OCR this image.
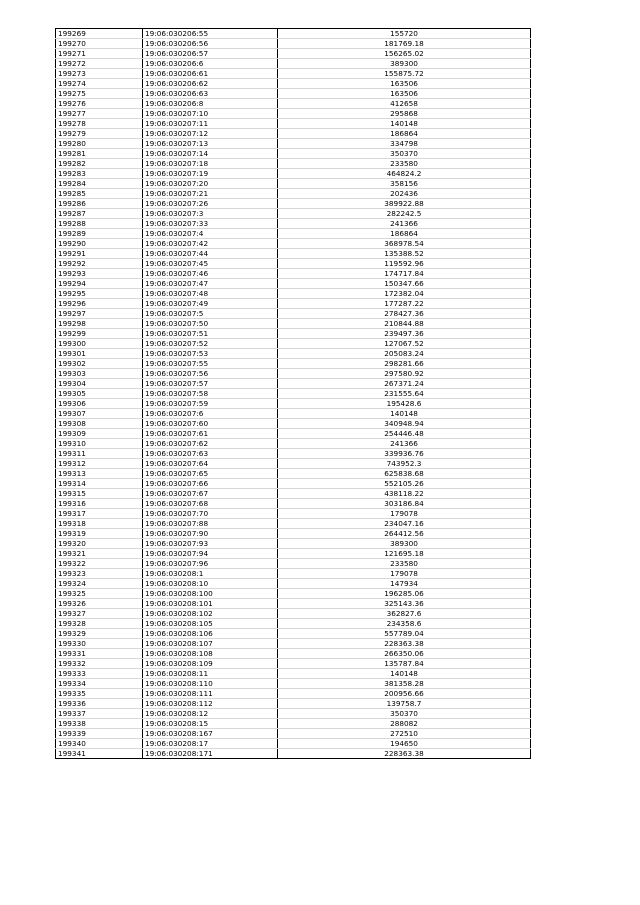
199269	19:06:030206:55	155720
199270	19:06:030206:56	181769.18
199271	19:06:030206:57	156265.02
199272	19:06:030206:6	389300
199273	19:06:030206:61	155875.72
199274	19:06:030206:62	163506
199275	19:06:030206:63	163506
199276	19:06:030206:8	412658
199277	19:06:030207:10	295868
199278	19:06:030207:11	140148
199279	19:06:030207:12	186864
199280	19:06:030207:13	334798
199281	19:06:030207:14	350370
199282	19:06:030207:18	233580
199283	19:06:030207:19	464824.2
199284	19:06:030207:20	358156
199285	19:06:030207:21	202436
199286	19:06:030207:26	389922.88
199287	19:06:030207:3	282242.5
199288	19:06:030207:33	241366
199289	19:06:030207:4	186864
199290	19:06:030207:42	368978.54
199291	19:06:030207:44	135388.52
199292	19:06:030207:45	119592.96
199293	19:06:030207:46	174717.84
199294	19:06:030207:47	150347.66
199295	19:06:030207:48	172382.04
199296	19:06:030207:49	177287.22
199297	19:06:030207:5	278427.36
199298	19:06:030207:50	210844.88
199299	19:06:030207:51	239497.36
199300	19:06:030207:52	127067.52
199301	19:06:030207:53	205083.24
199302	19:06:030207:55	298281.66
199303	19:06:030207:56	297580.92
199304	19:06:030207:57	267371.24
199305	19:06:030207:58	231555.64
199306	19:06:030207:59	195428.6
199307	19:06:030207:6	140148
199308	19:06:030207:60	340948.94
199309	19:06:030207:61	254446.48
199310	19:06:030207:62	241366
199311	19:06:030207:63	339936.76
199312	19:06:030207:64	743952.3
199313	19:06:030207:65	625838.68
199314	19:06:030207:66	552105.26
199315	19:06:030207:67	438118.22
199316	19:06:030207:68	303186.84
199317	19:06:030207:70	179078
199318	19:06:030207:88	234047.16
199319	19:06:030207:90	264412.56
199320	19:06:030207:93	389300
199321	19:06:030207:94	121695.18
199322	19:06:030207:96	233580
199323	19:06:030208:1	179078
199324	19:06:030208:10	147934
199325	19:06:030208:100	196285.06
199326	19:06:030208:101	325143.36
199327	19:06:030208:102	362827.6
199328	19:06:030208:105	234358.6
199329	19:06:030208:106	557789.04
199330	19:06:030208:107	228363.38
199331	19:06:030208:108	266350.06
199332	19:06:030208:109	135787.84
199333	19:06:030208:11	140148
199334	19:06:030208:110	381358.28
199335	19:06:030208:111	200956.66
199336	19:06:030208:112	139758.7
199337	19:06:030208:12	350370
199338	19:06:030208:15	288082
199339	19:06:030208:167	272510
199340	19:06:030208:17	194650
199341	19:06:030208:171	228363.38
